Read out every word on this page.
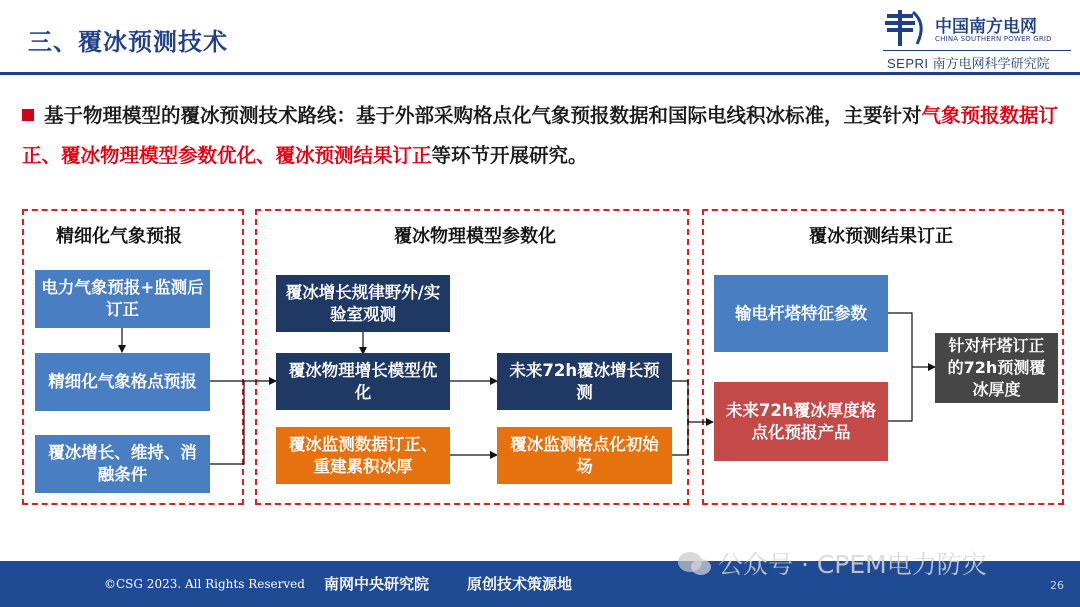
三、覆冰预测技术
中国南方电网
CHINA SOUTHERN POWER GRID
SEPRI 南方电网科学研究院
基于物理模型的覆冰预测技术路线：基于外部采购格点化气象预报数据和国际电线积冰标准，主要针对气象预报数据订正、覆冰物理模型参数优化、覆冰预测结果订正等环节开展研究。
精细化气象预报	覆冰物理模型参数化	覆冰预测结果订正
电力气象预报+监测后订正
精细化气象格点预报
覆冰增长、维持、消融条件
覆冰增长规律野外/实验室观测
覆冰物理增长模型优化
覆冰监测数据订正、重建累积冰厚
未来72h覆冰增长预测
覆冰监测格点化初始场
输电杆塔特征参数
未来72h覆冰厚度格点化预报产品
针对杆塔订正的72h预测覆冰厚度
©CSG 2023. All Rights Reserved 南网中央研究院	原创技术策源地	26
公众号 · CPEM电力防灾
